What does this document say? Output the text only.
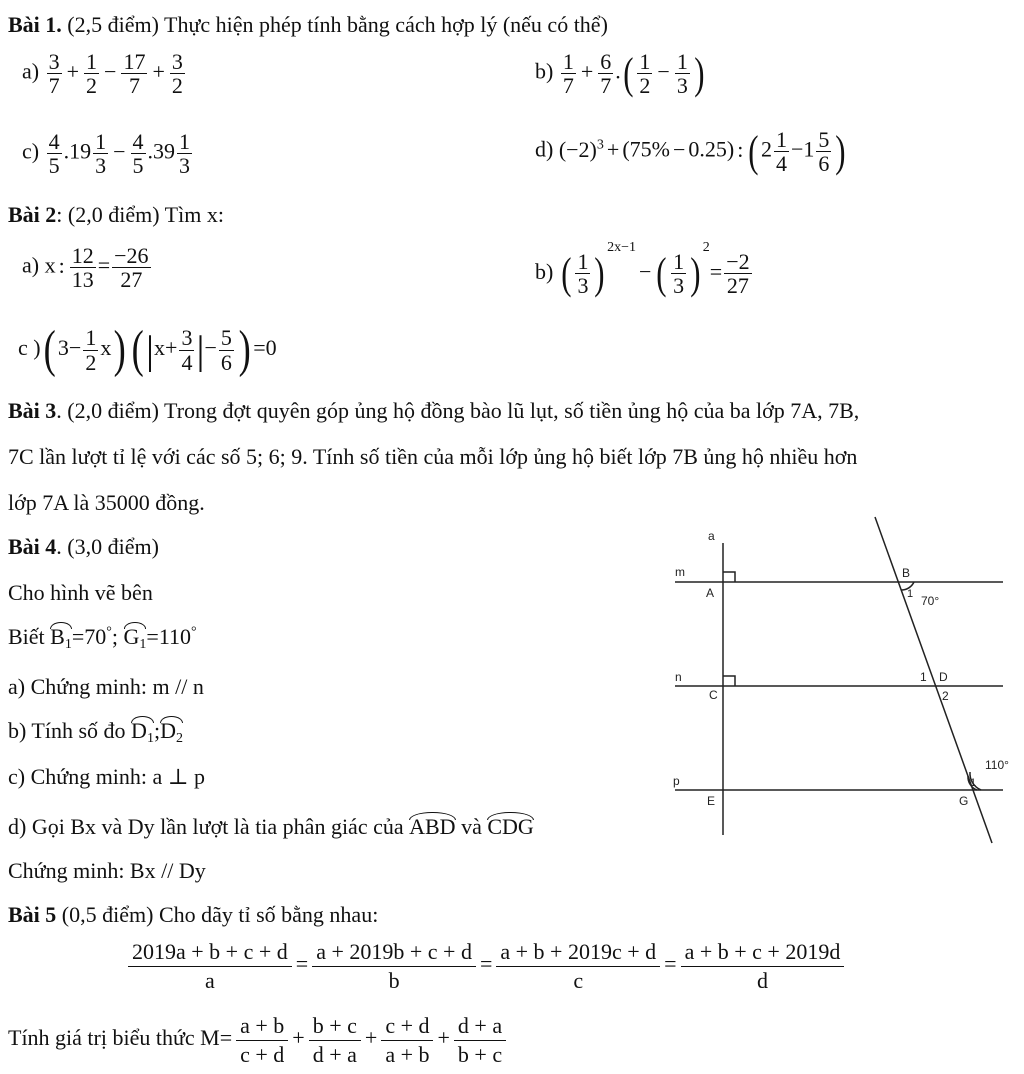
Bài 1. (2,5 điểm) Thực hiện phép tính bằng cách hợp lý (nếu có thể)
$a) \frac{3}{7} + \frac{1}{2} - \frac{17}{7} + \frac{3}{2}$	$b) \frac{1}{7} + \frac{6}{7}$ .( $\frac{1}{2} - \frac{1}{3}$ )
$c) \frac{4}{5} .19 \frac{1}{3} - \frac{4}{5} .39 \frac{1}{3}$	d) $(-2)^3 + (75\% - 0.25)$ : ($2 \frac{1}{4} -1 \frac{5}{6}$ )
Bài 2: (2,0 điểm) Tìm x:
a) x : $\frac{12}{13} = \frac{-26}{27}$	b) ( $\frac{1}{3} )^{2x-1}-$ ( $\frac{1}{3} )^2= \frac{-2}{27}$
c )( $3- \frac{1}{2} x)(|x+ \frac{3}{4}$ |− $\frac{5}{6}$ ) =0
Bài 3. (2,0 điểm) Trong đợt quyên góp ủng hộ đồng bào lũ lụt, số tiền ủng hộ của ba lớp 7A, 7B,
7C lần lượt tỉ lệ với các số 5; 6; 9. Tính số tiền của mỗi lớp ủng hộ biết lớp 7B ủng hộ nhiều hơn
lớp 7A là 35000 đồng.
Bài 4. (3,0 điểm)
Cho hình vẽ bên
Biết $B_1=70^\circ$; $G_1=110^\circ$
a) Chứng minh: m // n
b) Tính số đo $D_1;D_2$
c) Chứng minh: a ⊥ p
d) Gọi Bx và Dy lần lượt là tia phân giác của ABD và CDG
Chứng minh: Bx // Dy
a
m
n
p
A
C
E
B
D
G
70°
110°
1
1
2
1
Bài 5 (0,5 điểm) Cho dãy tỉ số bằng nhau:
$\frac{2019a + b + c + d}{a} = \frac{a + 2019b + c + d}{b} = \frac{a + b + 2019c + d}{c} = \frac{a + b + c + 2019d}{d}$
Tính giá trị biểu thức $M= \frac{a + b}{c + d} + \frac{b + c}{d + a} + \frac{c + d}{a + b} + \frac{d + a}{b + c}$
